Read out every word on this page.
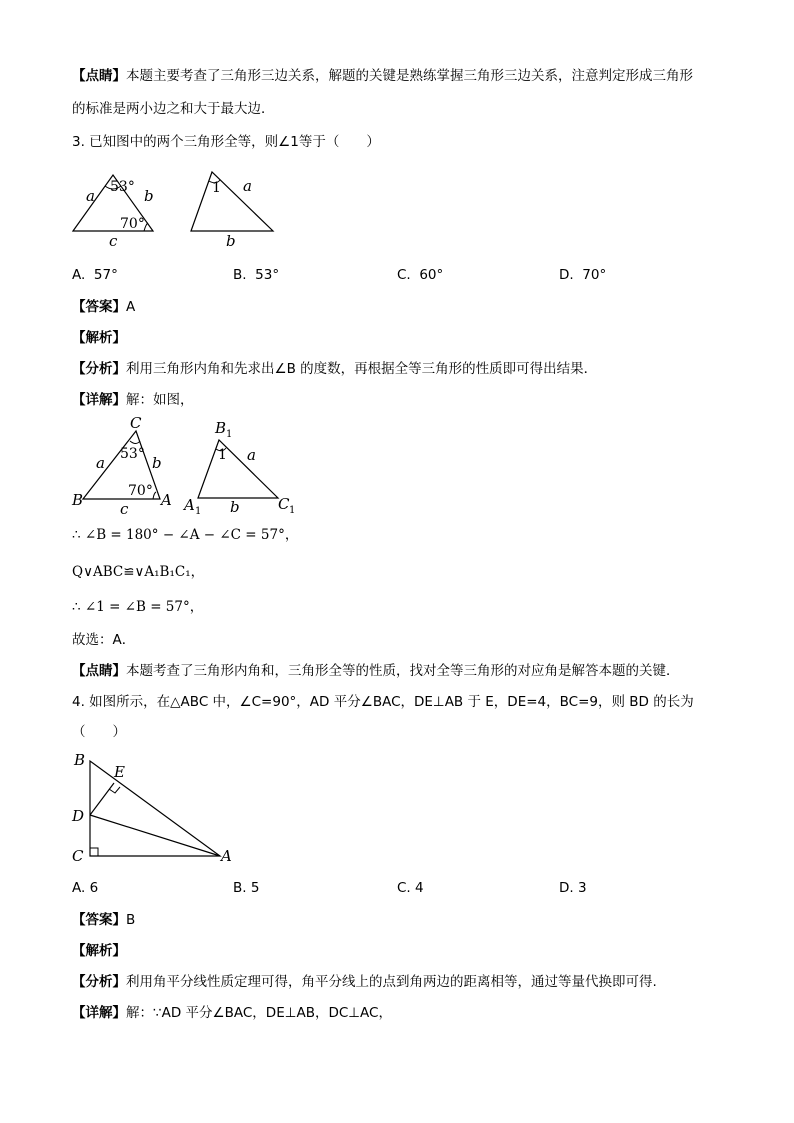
【点睛】本题主要考查了三角形三边关系，解题的关键是熟练掌握三角形三边关系，注意判定形成三角形
的标准是两小边之和大于最大边．
3. 已知图中的两个三角形全等，则∠1等于（　　）
a 53° b
70°
c
1 a
b
A. 57°	B. 53°	C. 60°	D. 70°
【答案】A
【解析】
【分析】利用三角形内角和先求出∠B 的度数，再根据全等三角形的性质即可得出结果．
【详解】解：如图，
C
a 53° b
70°
B	A
c
B 1
1 a
A 1 b	C 1
∴ ∠B = 180° − ∠A − ∠C = 57°，
Q∨ABC≌∨A₁B₁C₁，
∴ ∠1 = ∠B = 57°，
故选：A．
【点睛】本题考查了三角形内角和，三角形全等的性质，找对全等三角形的对应角是解答本题的关键．
4. 如图所示，在△ABC 中，∠C=90°，AD 平分∠BAC，DE⊥AB 于 E，DE=4，BC=9，则 BD 的长为
（　　）
B
E
D
C	A
A. 6	B. 5	C. 4	D. 3
【答案】B
【解析】
【分析】利用角平分线性质定理可得，角平分线上的点到角两边的距离相等，通过等量代换即可得.
【详解】解：∵AD 平分∠BAC，DE⊥AB，DC⊥AC，
